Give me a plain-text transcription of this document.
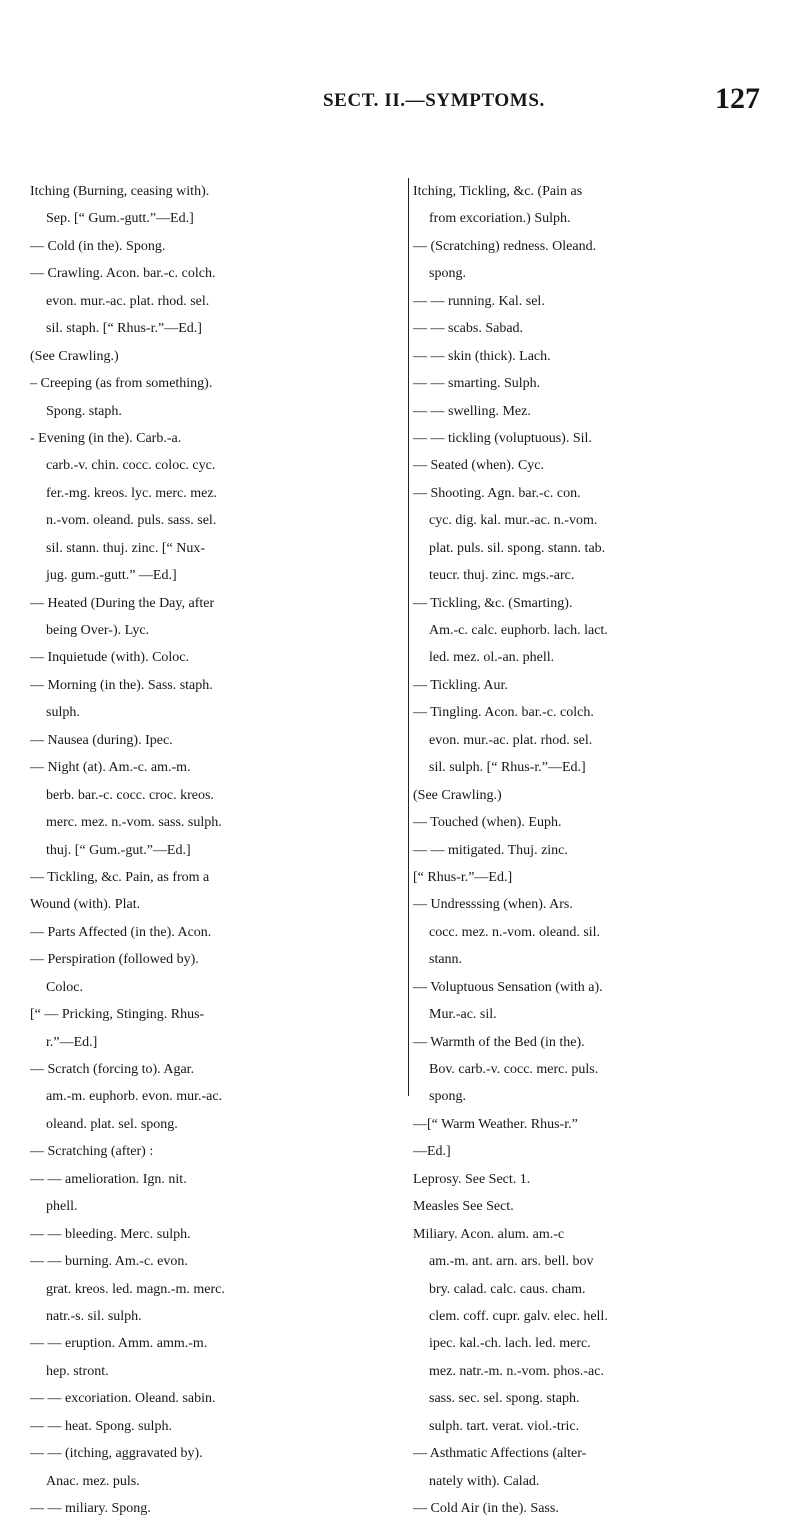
SECT. II.—SYMPTOMS.	127
Itching (Burning, ceasing with).
Sep. [“ Gum.-gutt.”—Ed.]
— Cold (in the). Spong.
— Crawling. Acon. bar.-c. colch.
evon. mur.-ac. plat. rhod. sel.
sil. staph. [“ Rhus-r.”—Ed.]
(See Crawling.)
– Creeping (as from something).
Spong. staph.
- Evening (in the). Carb.-a.
carb.-v. chin. cocc. coloc. cyc.
fer.-mg. kreos. lyc. merc. mez.
n.-vom. oleand. puls. sass. sel.
sil. stann. thuj. zinc. [“ Nux-
jug. gum.-gutt.” —Ed.]
— Heated (During the Day, after
being Over-). Lyc.
— Inquietude (with). Coloc.
— Morning (in the). Sass. staph.
sulph.
— Nausea (during). Ipec.
— Night (at). Am.-c. am.-m.
berb. bar.-c. cocc. croc. kreos.
merc. mez. n.-vom. sass. sulph.
thuj. [“ Gum.-gut.”—Ed.]
— Tickling, &c. Pain, as from a
Wound (with). Plat.
— Parts Affected (in the). Acon.
— Perspiration (followed by).
Coloc.
[“ — Pricking, Stinging. Rhus-
r.”—Ed.]
— Scratch (forcing to). Agar.
am.-m. euphorb. evon. mur.-ac.
oleand. plat. sel. spong.
— Scratching (after) :
— — amelioration. Ign. nit.
phell.
— — bleeding. Merc. sulph.
— — burning. Am.-c. evon.
grat. kreos. led. magn.-m. merc.
natr.-s. sil. sulph.
— — eruption. Amm. amm.-m.
hep. stront.
— — excoriation. Oleand. sabin.
— — heat. Spong. sulph.
— — (itching, aggravated by).
Anac. mez. puls.
— — miliary. Spong.
Itching, Tickling, &c. (Pain as
from excoriation.) Sulph.
— (Scratching) redness. Oleand.
spong.
— — running. Kal. sel.
— — scabs. Sabad.
— — skin (thick). Lach.
— — smarting. Sulph.
— — swelling. Mez.
— — tickling (voluptuous). Sil.
— Seated (when). Cyc.
— Shooting. Agn. bar.-c. con.
cyc. dig. kal. mur.-ac. n.-vom.
plat. puls. sil. spong. stann. tab.
teucr. thuj. zinc. mgs.-arc.
— Tickling, &c. (Smarting).
Am.-c. calc. euphorb. lach. lact.
led. mez. ol.-an. phell.
— Tickling. Aur.
— Tingling. Acon. bar.-c. colch.
evon. mur.-ac. plat. rhod. sel.
sil. sulph. [“ Rhus-r.”—Ed.]
(See Crawling.)
— Touched (when). Euph.
— — mitigated. Thuj. zinc.
[“ Rhus-r.”—Ed.]
— Undresssing (when). Ars.
cocc. mez. n.-vom. oleand. sil.
stann.
— Voluptuous Sensation (with a).
Mur.-ac. sil.
— Warmth of the Bed (in the).
Bov. carb.-v. cocc. merc. puls.
spong.
—[“ Warm Weather. Rhus-r.”
—Ed.]
Leprosy. See Sect. 1.
Measles See Sect.
Miliary. Acon. alum. am.-c
am.-m. ant. arn. ars. bell. bov
bry. calad. calc. caus. cham.
clem. coff. cupr. galv. elec. hell.
ipec. kal.-ch. lach. led. merc.
mez. natr.-m. n.-vom. phos.-ac.
sass. sec. sel. spong. staph.
sulph. tart. verat. viol.-tric.
— Asthmatic Affections (alter-
nately with). Calad.
— Cold Air (in the). Sass.
